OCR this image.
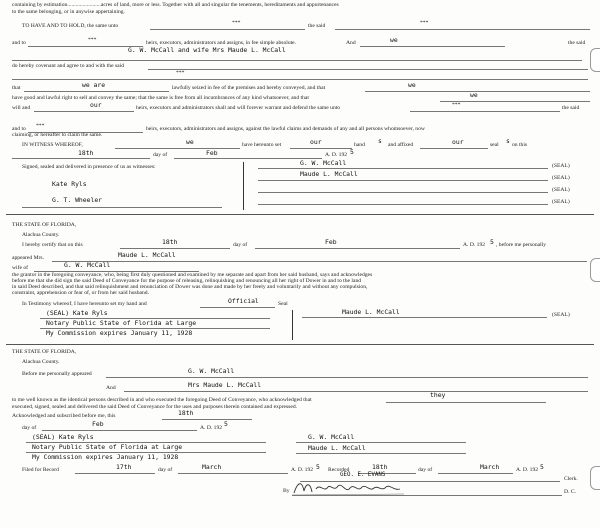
containing by estimation........................acres of land, more or less. Together with all and singular the tenements, hereditaments and appurtenances
to the same belonging, or in anywise appertaining.
TO HAVE AND TO HOLD, the same unto	***	the said	***
and to	***	heirs, executors, administrators and assigns, in fee simple absolute.	And	we	the said
G. W. McCall and wife Mrs Maude L. McCall
do hereby covenant and agree to and with the said
***
that	we are	lawfully seized in fee of the premises and hereby conveyed, and that	we
have good and lawful right to sell and convey the same; that the same is free from all incumbrances of any kind whatsoever, and that	we
will and	our	heirs, executors and administrators shall and will forever warrant and defend the same unto	***	the said
and to ***	heirs, executors, administrators and assigns, against the lawful claims and demands of any and all persons whomsoever, now
claiming, or hereafter to claim the same.
IN WITNESS WHEREOF,	we	have hereunto set	our	hand s and affixed	our	seal s on this
18th	day of	Feb	A. D. 192 5
Signed, sealed and delivered in presence of us as witnesses:	G. W. McCall	(SEAL)
Maude L. McCall	(SEAL)
Kate Ryls
(SEAL)
(SEAL)
G. T. Wheeler
THE STATE OF FLORIDA,
Alachua County.
I hereby certify that on this	18th	day of	Feb	A. D. 192 5 , before me personally
appeared Mrs.	Maude L. McCall
wife of	G. W. McCall
the grantor in the foregoing conveyance, who, being first duly questioned and examined by me separate and apart from her said husband, says and acknowledges
before me that she did sign the said Deed of Conveyance for the purpose of releasing, relinquishing and renouncing all her right of Dower in and to the land
in said Deed described, and that said relinquishment and renunciation of Dower was done and made by her freely and voluntarily and without any compulsion,
constraint, apprehension or fear of, or from her said husband.
In Testimony whereof, I have hereunto set my hand and	Official	Seal
(SEAL) Kate Ryls
Notary Public State of Florida at Large
My Commission expires January 11, 1928
Maude L. McCall	(SEAL)
THE STATE OF FLORIDA,
Alachua County.
Before me personally appeared	G. W. McCall
And	Mrs Maude L. McCall
to me well known as the identical persons described in and who executed the foregoing Deed of Conveyance, who acknowledged that
they
executed, signed, sealed and delivered the said Deed of Conveyance for the uses and purposes therein contained and expressed.
Acknowledged and subscribed before me, this	18th
day of	Feb	A. D. 192 5
(SEAL) Kate Ryls
Notary Public State of Florida at Large
My Commission expires January 11, 1928
G. W. McCall
Maude L. McCall
Filed for Record	17th	day of	March	A. D. 192 5 Recorded	18th	day of	March	A. D. 192 5
GEO. E. EVANS
Clerk.
By	D. C.
